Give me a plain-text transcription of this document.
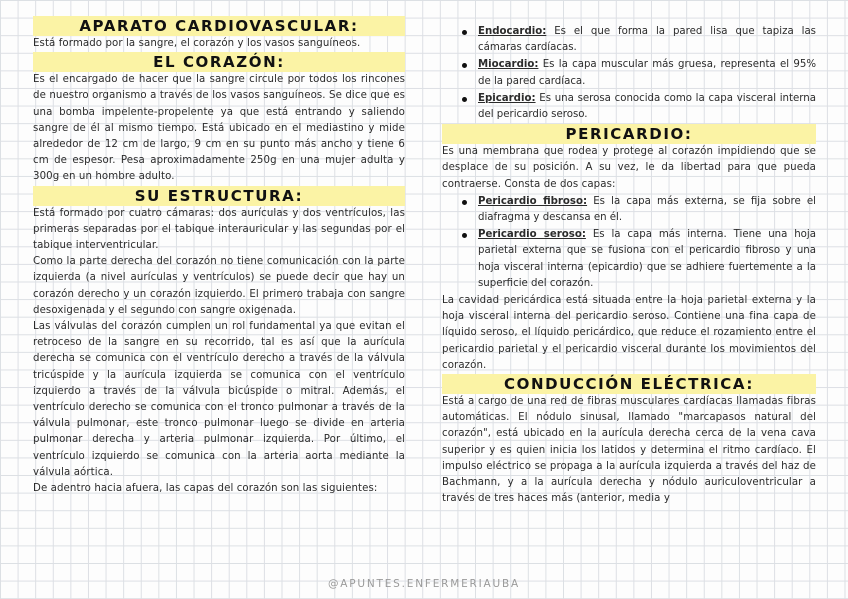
APARATO CARDIOVASCULAR:

Está formado por la sangre, el corazón y los vasos sanguíneos.

EL CORAZÓN:

Es el encargado de hacer que la sangre circule por todos los rincones de nuestro organismo a través de los vasos sanguíneos. Se dice que es una bomba impelente-propelente ya que está entrando y saliendo sangre de él al mismo tiempo. Está ubicado en el mediastino y mide alrededor de 12 cm de largo, 9 cm en su punto más ancho y tiene 6 cm de espesor. Pesa aproximadamente 250g en una mujer adulta y 300g en un hombre adulto.

SU ESTRUCTURA:

Está formado por cuatro cámaras: dos aurículas y dos ventrículos, las primeras separadas por el tabique interauricular y las segundas por el tabique interventricular.

Como la parte derecha del corazón no tiene comunicación con la parte izquierda (a nivel aurículas y ventrículos) se puede decir que hay un corazón derecho y un corazón izquierdo. El primero trabaja con sangre desoxigenada y el segundo con sangre oxigenada.

Las válvulas del corazón cumplen un rol fundamental ya que evitan el retroceso de la sangre en su recorrido, tal es así que la aurícula derecha se comunica con el ventrículo derecho a través de la válvula tricúspide y la aurícula izquierda se comunica con el ventrículo izquierdo a través de la válvula bicúspide o mitral. Además, el ventrículo derecho se comunica con el tronco pulmonar a través de la válvula pulmonar, este tronco pulmonar luego se divide en arteria pulmonar derecha y arteria pulmonar izquierda. Por último, el ventrículo izquierdo se comunica con la arteria aorta mediante la válvula aórtica.

De adentro hacia afuera, las capas del corazón son las siguientes:

Endocardio: Es el que forma la pared lisa que tapiza las cámaras cardíacas.
Miocardio: Es la capa muscular más gruesa, representa el 95% de la pared cardíaca.
Epicardio: Es una serosa conocida como la capa visceral interna del pericardio seroso.
PERICARDIO:

Es una membrana que rodea y protege al corazón impidiendo que se desplace de su posición. A su vez, le da libertad para que pueda contraerse. Consta de dos capas:

Pericardio fibroso: Es la capa más externa, se fija sobre el diafragma y descansa en él.
Pericardio seroso: Es la capa más interna. Tiene una hoja parietal externa que se fusiona con el pericardio fibroso y una hoja visceral interna (epicardio) que se adhiere fuertemente a la superficie del corazón.

La cavidad pericárdica está situada entre la hoja parietal externa y la hoja visceral interna del pericardio seroso. Contiene una fina capa de líquido seroso, el líquido pericárdico, que reduce el rozamiento entre el pericardio parietal y el pericardio visceral durante los movimientos del corazón.

CONDUCCIÓN ELÉCTRICA:

Está a cargo de una red de fibras musculares cardíacas llamadas fibras automáticas. El nódulo sinusal, llamado "marcapasos natural del corazón", está ubicado en la aurícula derecha cerca de la vena cava superior y es quien inicia los latidos y determina el ritmo cardíaco. El impulso eléctrico se propaga a la aurícula izquierda a través del haz de Bachmann, y a la aurícula derecha y nódulo auriculoventricular a través de tres haces más (anterior, media y

@APUNTES.ENFERMERIAUBA
